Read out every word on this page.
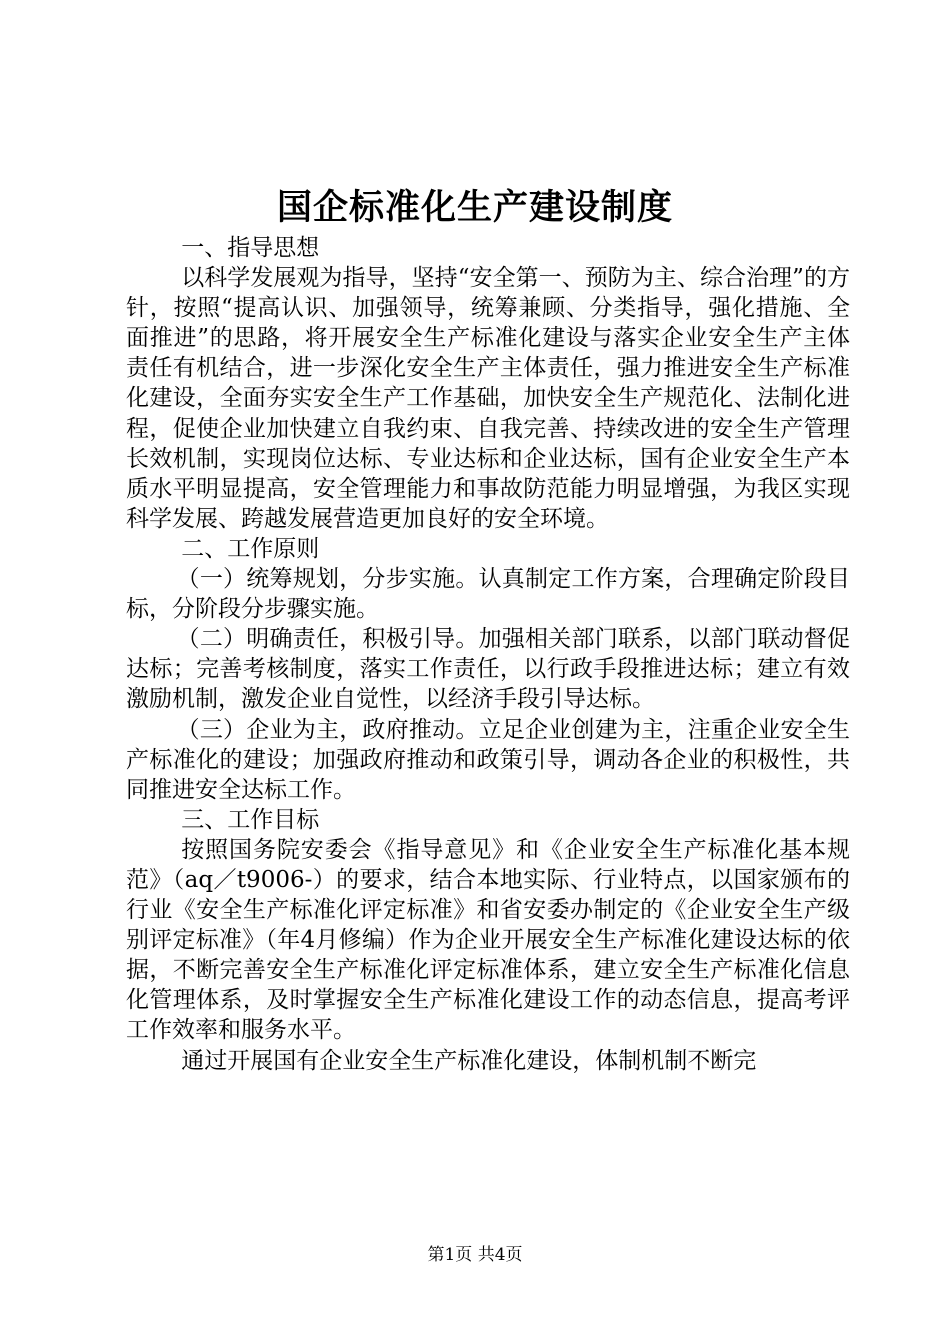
国企标准化生产建设制度

一、指导思想

以科学发展观为指导，坚持“安全第一、预防为主、综合治理”的方针，按照“提高认识、加强领导，统筹兼顾、分类指导，强化措施、全面推进”的思路，将开展安全生产标准化建设与落实企业安全生产主体责任有机结合，进一步深化安全生产主体责任，强力推进安全生产标准化建设，全面夯实安全生产工作基础，加快安全生产规范化、法制化进程，促使企业加快建立自我约束、自我完善、持续改进的安全生产管理长效机制，实现岗位达标、专业达标和企业达标，国有企业安全生产本质水平明显提高，安全管理能力和事故防范能力明显增强，为我区实现科学发展、跨越发展营造更加良好的安全环境。

二、工作原则

（一）统筹规划，分步实施。认真制定工作方案，合理确定阶段目标，分阶段分步骤实施。

（二）明确责任，积极引导。加强相关部门联系，以部门联动督促达标；完善考核制度，落实工作责任，以行政手段推进达标；建立有效激励机制，激发企业自觉性，以经济手段引导达标。

（三）企业为主，政府推动。立足企业创建为主，注重企业安全生产标准化的建设；加强政府推动和政策引导，调动各企业的积极性，共同推进安全达标工作。

三、工作目标

按照国务院安委会《指导意见》和《企业安全生产标准化基本规范》（aq／t9006-）的要求，结合本地实际、行业特点，以国家颁布的行业《安全生产标准化评定标准》和省安委办制定的《企业安全生产级别评定标准》（年4月修编）作为企业开展安全生产标准化建设达标的依据，不断完善安全生产标准化评定标准体系，建立安全生产标准化信息化管理体系，及时掌握安全生产标准化建设工作的动态信息，提高考评工作效率和服务水平。

通过开展国有企业安全生产标准化建设，体制机制不断完

第1页 共4页
